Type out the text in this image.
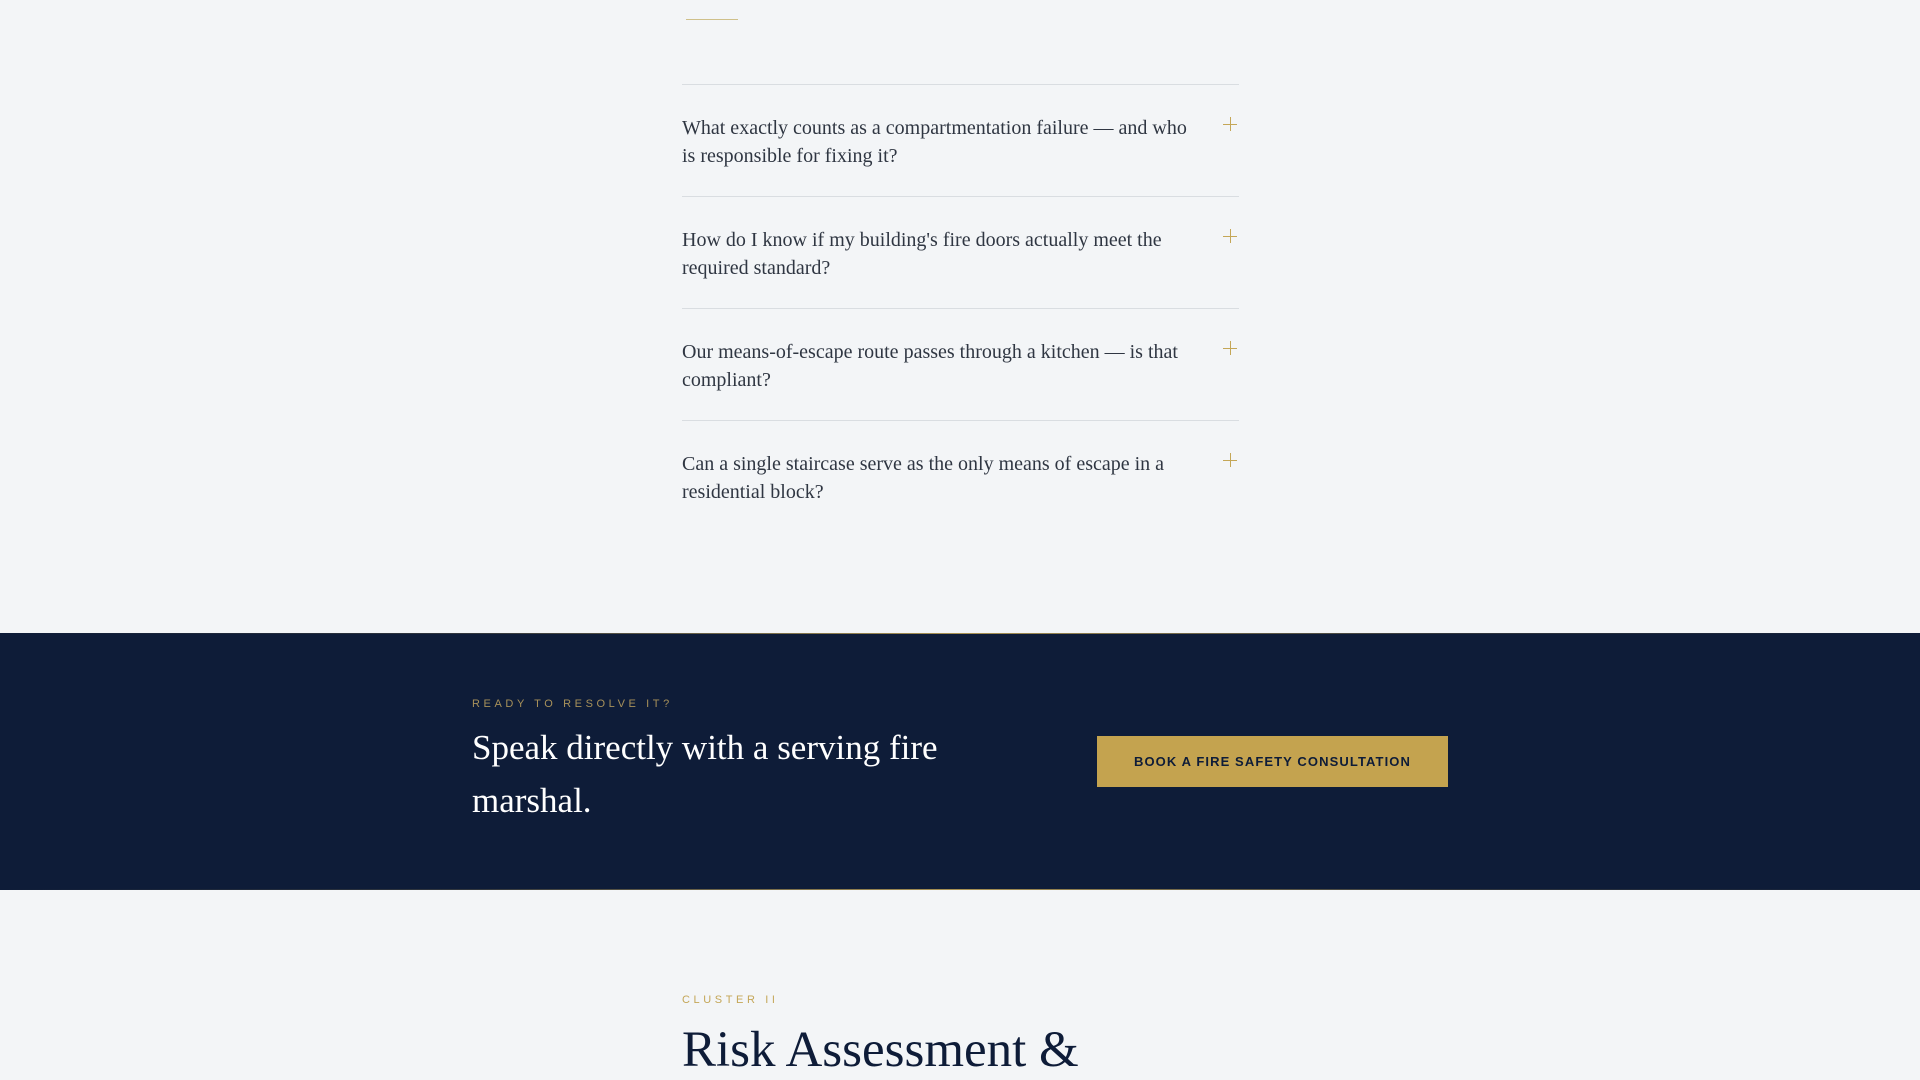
What exactly counts as a compartmentation failure — and who is responsible for fixing it?
How do I know if my building's fire doors actually meet the required standard?
Our means-of-escape route passes through a kitchen — is that compliant?
Can a single staircase serve as the only means of escape in a residential block?
READY TO RESOLVE IT?
Speak directly with a serving fire marshal.
BOOK A FIRE SAFETY CONSULTATION
CLUSTER II
Risk Assessment &
